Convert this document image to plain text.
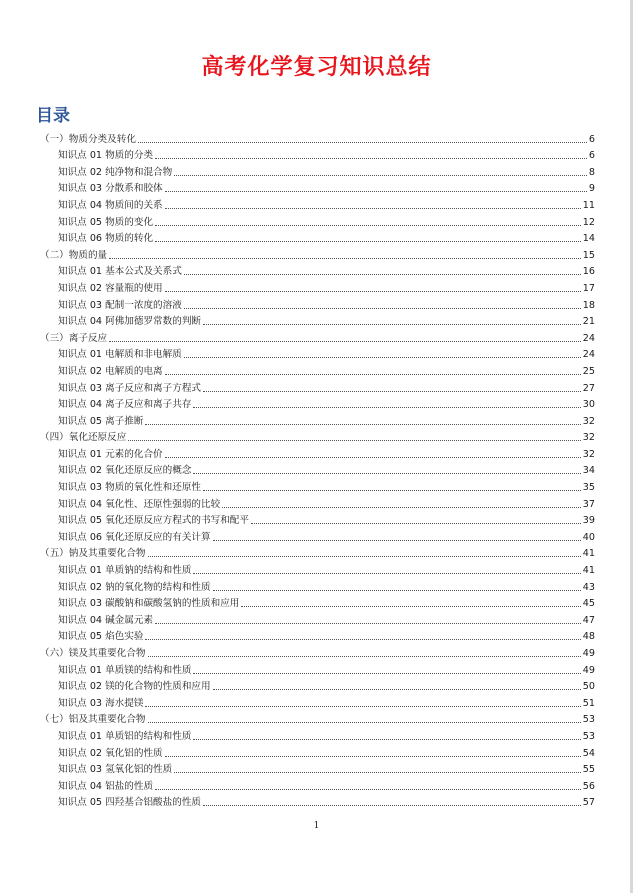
高考化学复习知识总结
目录
（一）物质分类及转化	6
知识点 01 物质的分类	6
知识点 02 纯净物和混合物	8
知识点 03 分散系和胶体	9
知识点 04 物质间的关系	11
知识点 05 物质的变化	12
知识点 06 物质的转化	14
（二）物质的量	15
知识点 01 基本公式及关系式	16
知识点 02 容量瓶的使用	17
知识点 03 配制一浓度的溶液	18
知识点 04 阿佛加德罗常数的判断	21
（三）离子反应	24
知识点 01 电解质和非电解质	24
知识点 02 电解质的电离	25
知识点 03 离子反应和离子方程式	27
知识点 04 离子反应和离子共存	30
知识点 05 离子推断	32
（四）氧化还原反应	32
知识点 01 元素的化合价	32
知识点 02 氧化还原反应的概念	34
知识点 03 物质的氧化性和还原性	35
知识点 04 氧化性、还原性强弱的比较	37
知识点 05 氧化还原反应方程式的书写和配平	39
知识点 06 氧化还原反应的有关计算	40
（五）钠及其重要化合物	41
知识点 01 单质钠的结构和性质	41
知识点 02 钠的氧化物的结构和性质	43
知识点 03 碳酸钠和碳酸氢钠的性质和应用	45
知识点 04 碱金属元素	47
知识点 05 焰色实验	48
（六）镁及其重要化合物	49
知识点 01 单质镁的结构和性质	49
知识点 02 镁的化合物的性质和应用	50
知识点 03 海水提镁	51
（七）铝及其重要化合物	53
知识点 01 单质铝的结构和性质	53
知识点 02 氧化铝的性质	54
知识点 03 氢氧化铝的性质	55
知识点 04 铝盐的性质	56
知识点 05 四羟基合铝酸盐的性质	57
1
